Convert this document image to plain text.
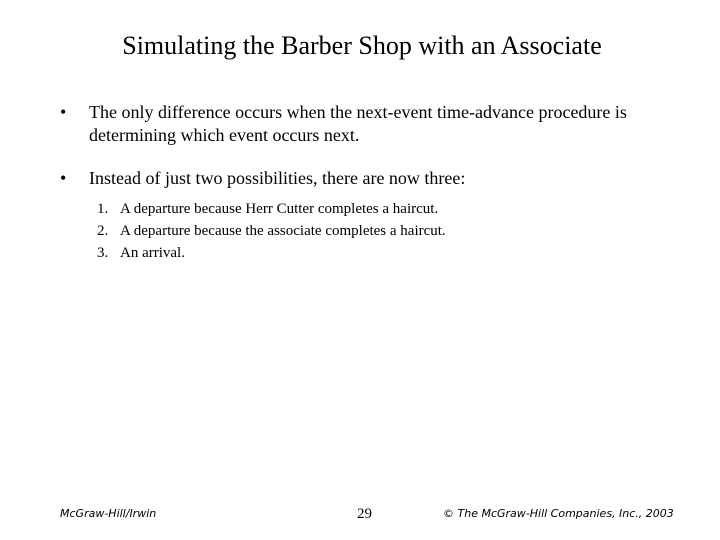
Simulating the Barber Shop with an Associate
• The only difference occurs when the next-event time-advance procedure is determining which event occurs next.
• Instead of just two possibilities, there are now three:
1. A departure because Herr Cutter completes a haircut.
2. A departure because the associate completes a haircut.
3. An arrival.
McGraw-Hill/Irwin	29	© The McGraw-Hill Companies, Inc., 2003
